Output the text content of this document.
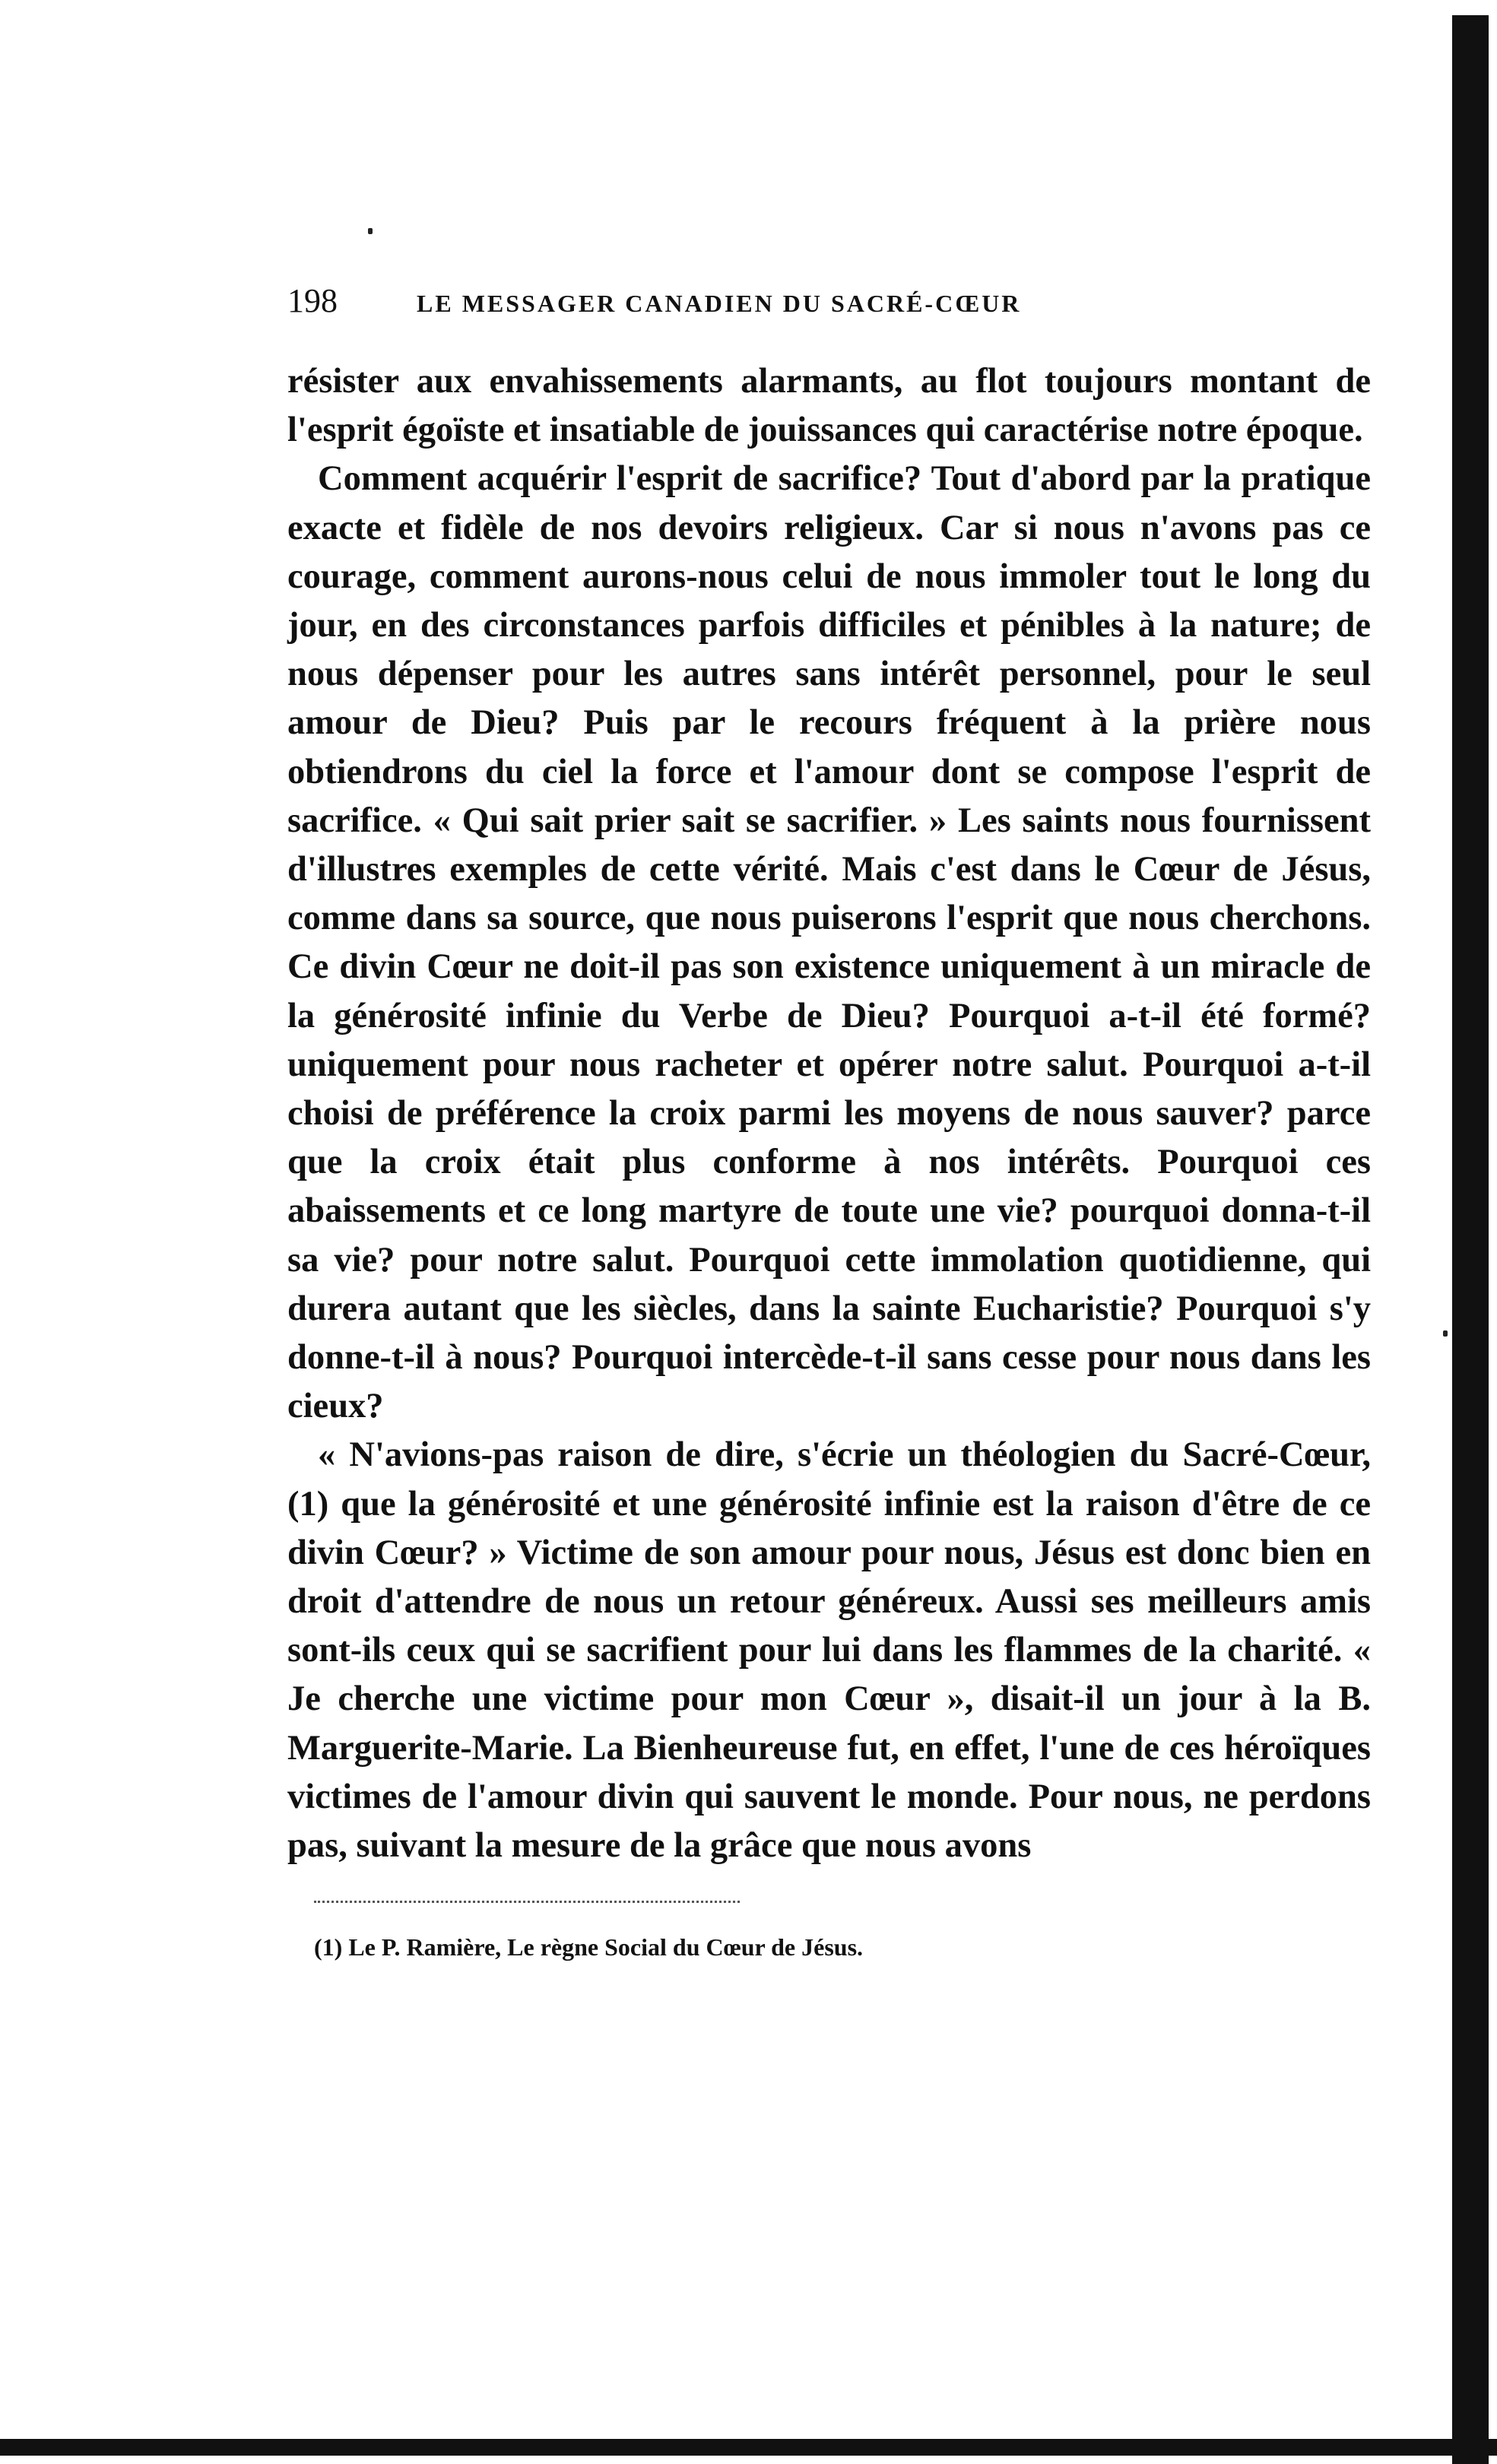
198	LE MESSAGER CANADIEN DU SACRÉ-CŒUR

résister aux envahissements alarmants, au flot toujours montant de l'esprit égoïste et insatiable de jouissances qui caractérise notre époque.

Comment acquérir l'esprit de sacrifice? Tout d'abord par la pratique exacte et fidèle de nos devoirs religieux. Car si nous n'avons pas ce courage, comment aurons-nous celui de nous immoler tout le long du jour, en des circonstances parfois difficiles et pénibles à la nature; de nous dépenser pour les autres sans intérêt personnel, pour le seul amour de Dieu? Puis par le recours fréquent à la prière nous obtiendrons du ciel la force et l'amour dont se compose l'esprit de sacrifice. « Qui sait prier sait se sacrifier. » Les saints nous fournissent d'illustres exemples de cette vérité. Mais c'est dans le Cœur de Jésus, comme dans sa source, que nous puiserons l'esprit que nous cherchons. Ce divin Cœur ne doit-il pas son existence uniquement à un miracle de la générosité infinie du Verbe de Dieu? Pourquoi a-t-il été formé? uniquement pour nous racheter et opérer notre salut. Pourquoi a-t-il choisi de préférence la croix parmi les moyens de nous sauver? parce que la croix était plus conforme à nos intérêts. Pourquoi ces abaissements et ce long martyre de toute une vie? pourquoi donna-t-il sa vie? pour notre salut. Pourquoi cette immolation quotidienne, qui durera autant que les siècles, dans la sainte Eucharistie? Pourquoi s'y donne-t-il à nous? Pourquoi intercède-t-il sans cesse pour nous dans les cieux?

« N'avions-pas raison de dire, s'écrie un théologien du Sacré-Cœur, (1) que la générosité et une générosité infinie est la raison d'être de ce divin Cœur? » Victime de son amour pour nous, Jésus est donc bien en droit d'attendre de nous un retour généreux. Aussi ses meilleurs amis sont-ils ceux qui se sacrifient pour lui dans les flammes de la charité. « Je cherche une victime pour mon Cœur », disait-il un jour à la B. Marguerite-Marie. La Bienheureuse fut, en effet, l'une de ces héroïques victimes de l'amour divin qui sauvent le monde. Pour nous, ne perdons pas, suivant la mesure de la grâce que nous avons

(1) Le P. Ramière, Le règne Social du Cœur de Jésus.
